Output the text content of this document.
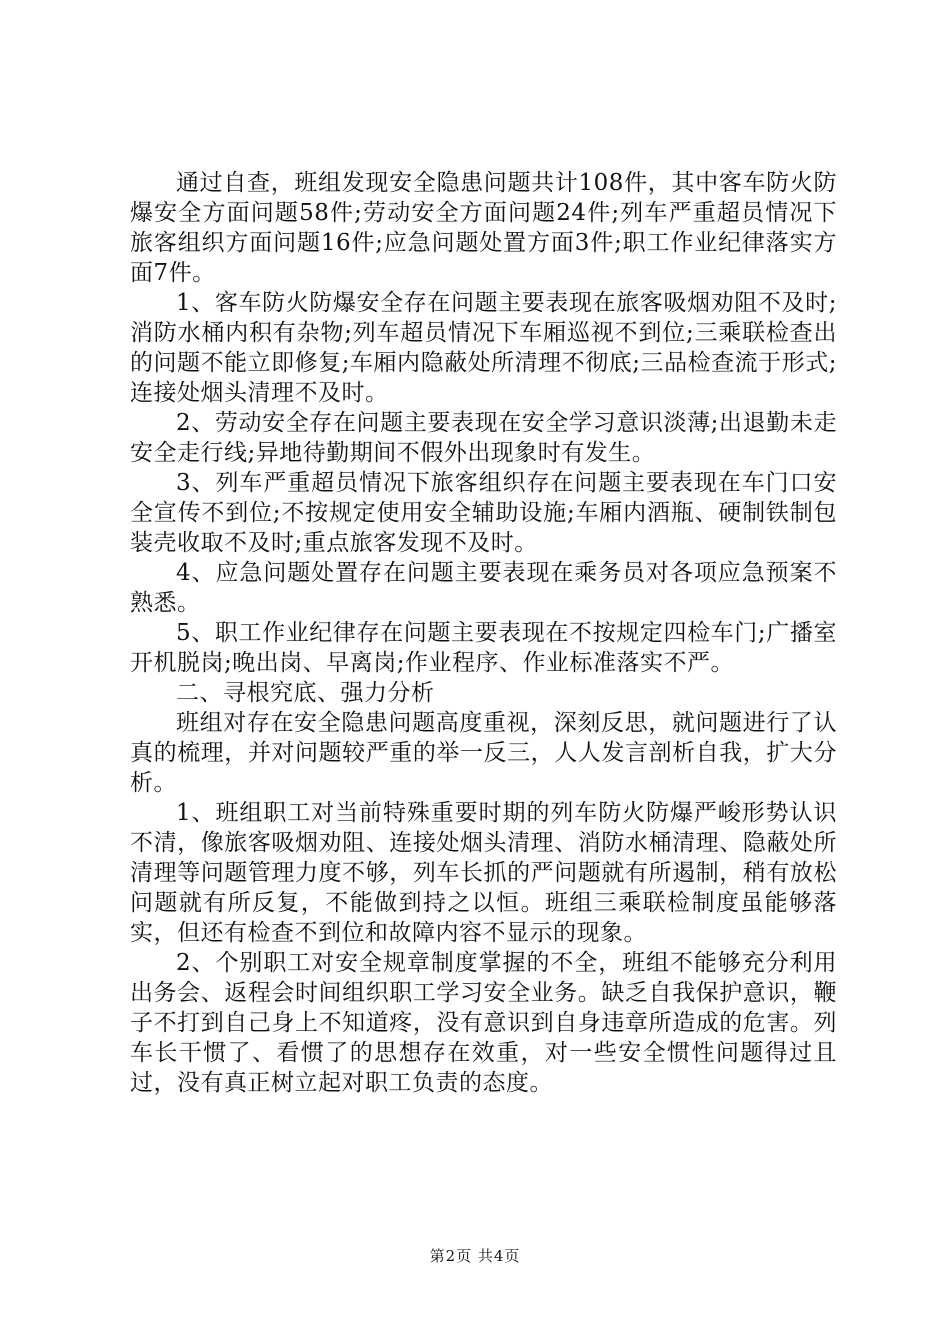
通过自查，班组发现安全隐患问题共计108件，其中客车防火防爆安全方面问题58件;劳动安全方面问题24件;列车严重超员情况下旅客组织方面问题16件;应急问题处置方面3件;职工作业纪律落实方面7件。

1、客车防火防爆安全存在问题主要表现在旅客吸烟劝阻不及时;消防水桶内积有杂物;列车超员情况下车厢巡视不到位;三乘联检查出的问题不能立即修复;车厢内隐蔽处所清理不彻底;三品检查流于形式;连接处烟头清理不及时。

2、劳动安全存在问题主要表现在安全学习意识淡薄;出退勤未走安全走行线;异地待勤期间不假外出现象时有发生。

3、列车严重超员情况下旅客组织存在问题主要表现在车门口安全宣传不到位;不按规定使用安全辅助设施;车厢内酒瓶、硬制铁制包装壳收取不及时;重点旅客发现不及时。

4、应急问题处置存在问题主要表现在乘务员对各项应急预案不熟悉。

5、职工作业纪律存在问题主要表现在不按规定四检车门;广播室开机脱岗;晚出岗、早离岗;作业程序、作业标准落实不严。

二、寻根究底、强力分析

班组对存在安全隐患问题高度重视，深刻反思，就问题进行了认真的梳理，并对问题较严重的举一反三，人人发言剖析自我，扩大分析。

1、班组职工对当前特殊重要时期的列车防火防爆严峻形势认识不清，像旅客吸烟劝阻、连接处烟头清理、消防水桶清理、隐蔽处所清理等问题管理力度不够，列车长抓的严问题就有所遏制，稍有放松问题就有所反复，不能做到持之以恒。班组三乘联检制度虽能够落实，但还有检查不到位和故障内容不显示的现象。

2、个别职工对安全规章制度掌握的不全，班组不能够充分利用出务会、返程会时间组织职工学习安全业务。缺乏自我保护意识，鞭子不打到自己身上不知道疼，没有意识到自身违章所造成的危害。列车长干惯了、看惯了的思想存在效重，对一些安全惯性问题得过且过，没有真正树立起对职工负责的态度。

第2页 共4页
